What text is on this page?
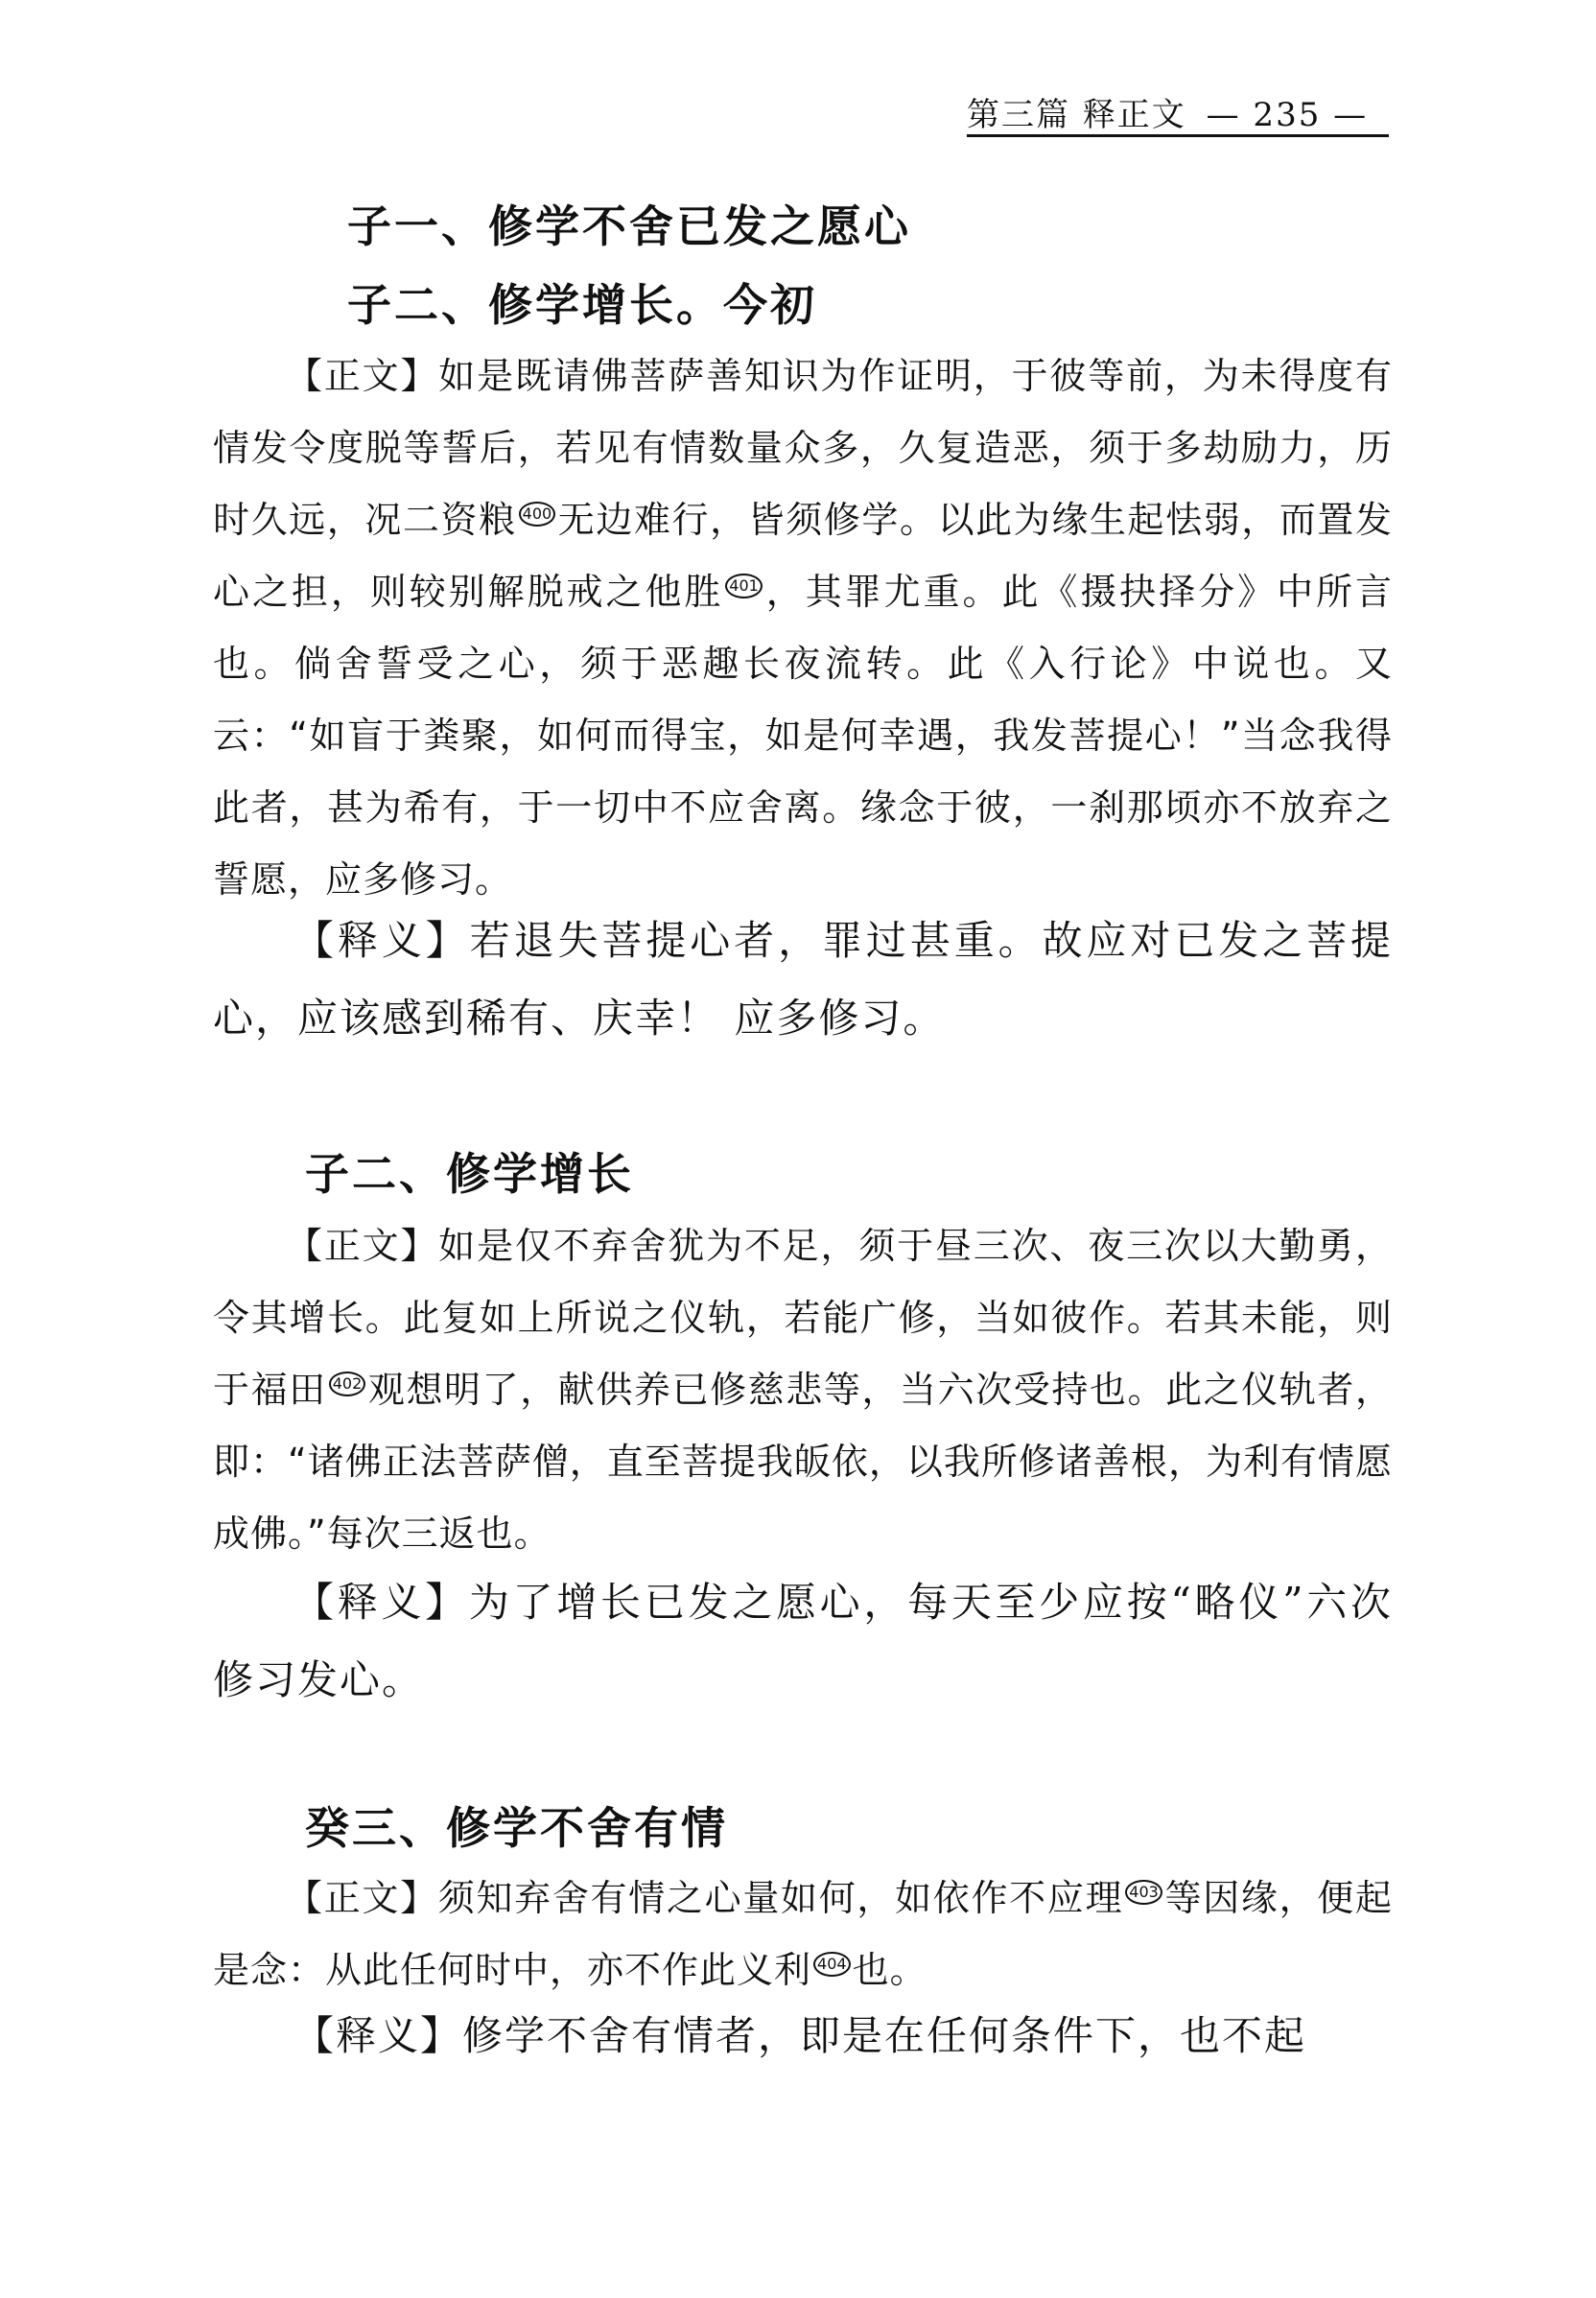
第三篇 释正文 — 235 —
子一、修学不舍已发之愿心
子二、修学增长。今初

【正文】如是既请佛菩萨善知识为作证明，于彼等前，为未得度有情发令度脱等誓后，若见有情数量众多，久复造恶，须于多劫励力，历时久远，况二资粮 $^{400}$ 无边难行，皆须修学。以此为缘生起怯弱，而置发心之担，则较别解脱戒之他胜 $^{401}$ ，其罪尤重。此《摄抉择分》中所言也。倘舍誓受之心，须于恶趣长夜流转。此《入行论》中说也。又云：“如盲于粪聚，如何而得宝，如是何幸遇，我发菩提心！”当念我得此者，甚为希有，于一切中不应舍离。缘念于彼，一刹那顷亦不放弃之誓愿，应多修习。

【释义】若退失菩提心者，罪过甚重。故应对已发之菩提心，应该感到稀有、庆幸！ 应多修习。

子二、修学增长

【正文】如是仅不弃舍犹为不足，须于昼三次、夜三次以大勤勇，令其增长。此复如上所说之仪轨，若能广修，当如彼作。若其未能，则于福田 $^{402}$ 观想明了，献供养已修慈悲等，当六次受持也。此之仪轨者，即：“诸佛正法菩萨僧，直至菩提我皈依，以我所修诸善根，为利有情愿成佛。”每次三返也。

【释义】为了增长已发之愿心，每天至少应按“略仪”六次修习发心。

癸三、修学不舍有情

【正文】须知弃舍有情之心量如何，如依作不应理 $^{403}$ 等因缘，便起是念：从此任何时中，亦不作此义利 $^{404}$ 也。

【释义】修学不舍有情者，即是在任何条件下，也不起
